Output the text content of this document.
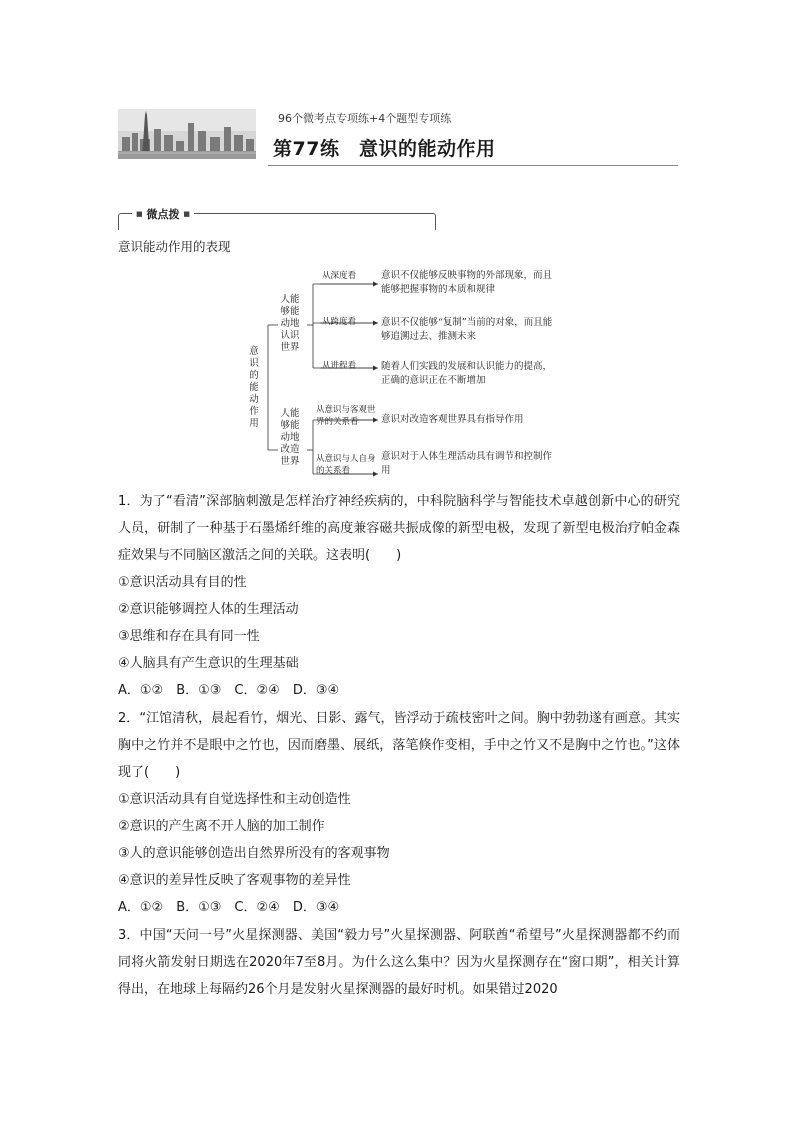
96个微考点专项练+4个题型专项练
第77练　意识的能动作用
■ 微点拨 ■
意识能动作用的表现
意识的能动作用
人能够能动地认识世界
人能够能动地改造世界
从深度看
从跨度看
从进程看
从意识与客观世界的关系看
从意识与人自身的关系看
意识不仅能够反映事物的外部现象，而且能够把握事物的本质和规律
意识不仅能够“复制”当前的对象，而且能够追溯过去、推测未来
随着人们实践的发展和认识能力的提高，正确的意识正在不断增加
意识对改造客观世界具有指导作用
意识对于人体生理活动具有调节和控制作用
1．为了“看清”深部脑刺激是怎样治疗神经疾病的，中科院脑科学与智能技术卓越创新中心的研究人员，研制了一种基于石墨烯纤维的高度兼容磁共振成像的新型电极，发现了新型电极治疗帕金森症效果与不同脑区激活之间的关联。这表明(　　)
①意识活动具有目的性
②意识能够调控人体的生理活动
③思维和存在具有同一性
④人脑具有产生意识的生理基础
A．①②　B．①③　C．②④　D．③④
2．“江馆清秋，晨起看竹，烟光、日影、露气，皆浮动于疏枝密叶之间。胸中勃勃遂有画意。其实胸中之竹并不是眼中之竹也，因而磨墨、展纸，落笔倏作变相，手中之竹又不是胸中之竹也。”这体现了(　　)
①意识活动具有自觉选择性和主动创造性
②意识的产生离不开人脑的加工制作
③人的意识能够创造出自然界所没有的客观事物
④意识的差异性反映了客观事物的差异性
A．①②　B．①③　C．②④　D．③④
3．中国“天问一号”火星探测器、美国“毅力号”火星探测器、阿联酋“希望号”火星探测器都不约而同将火箭发射日期选在2020年7至8月。为什么这么集中？因为火星探测存在“窗口期”，相关计算得出，在地球上每隔约26个月是发射火星探测器的最好时机。如果错过2020
